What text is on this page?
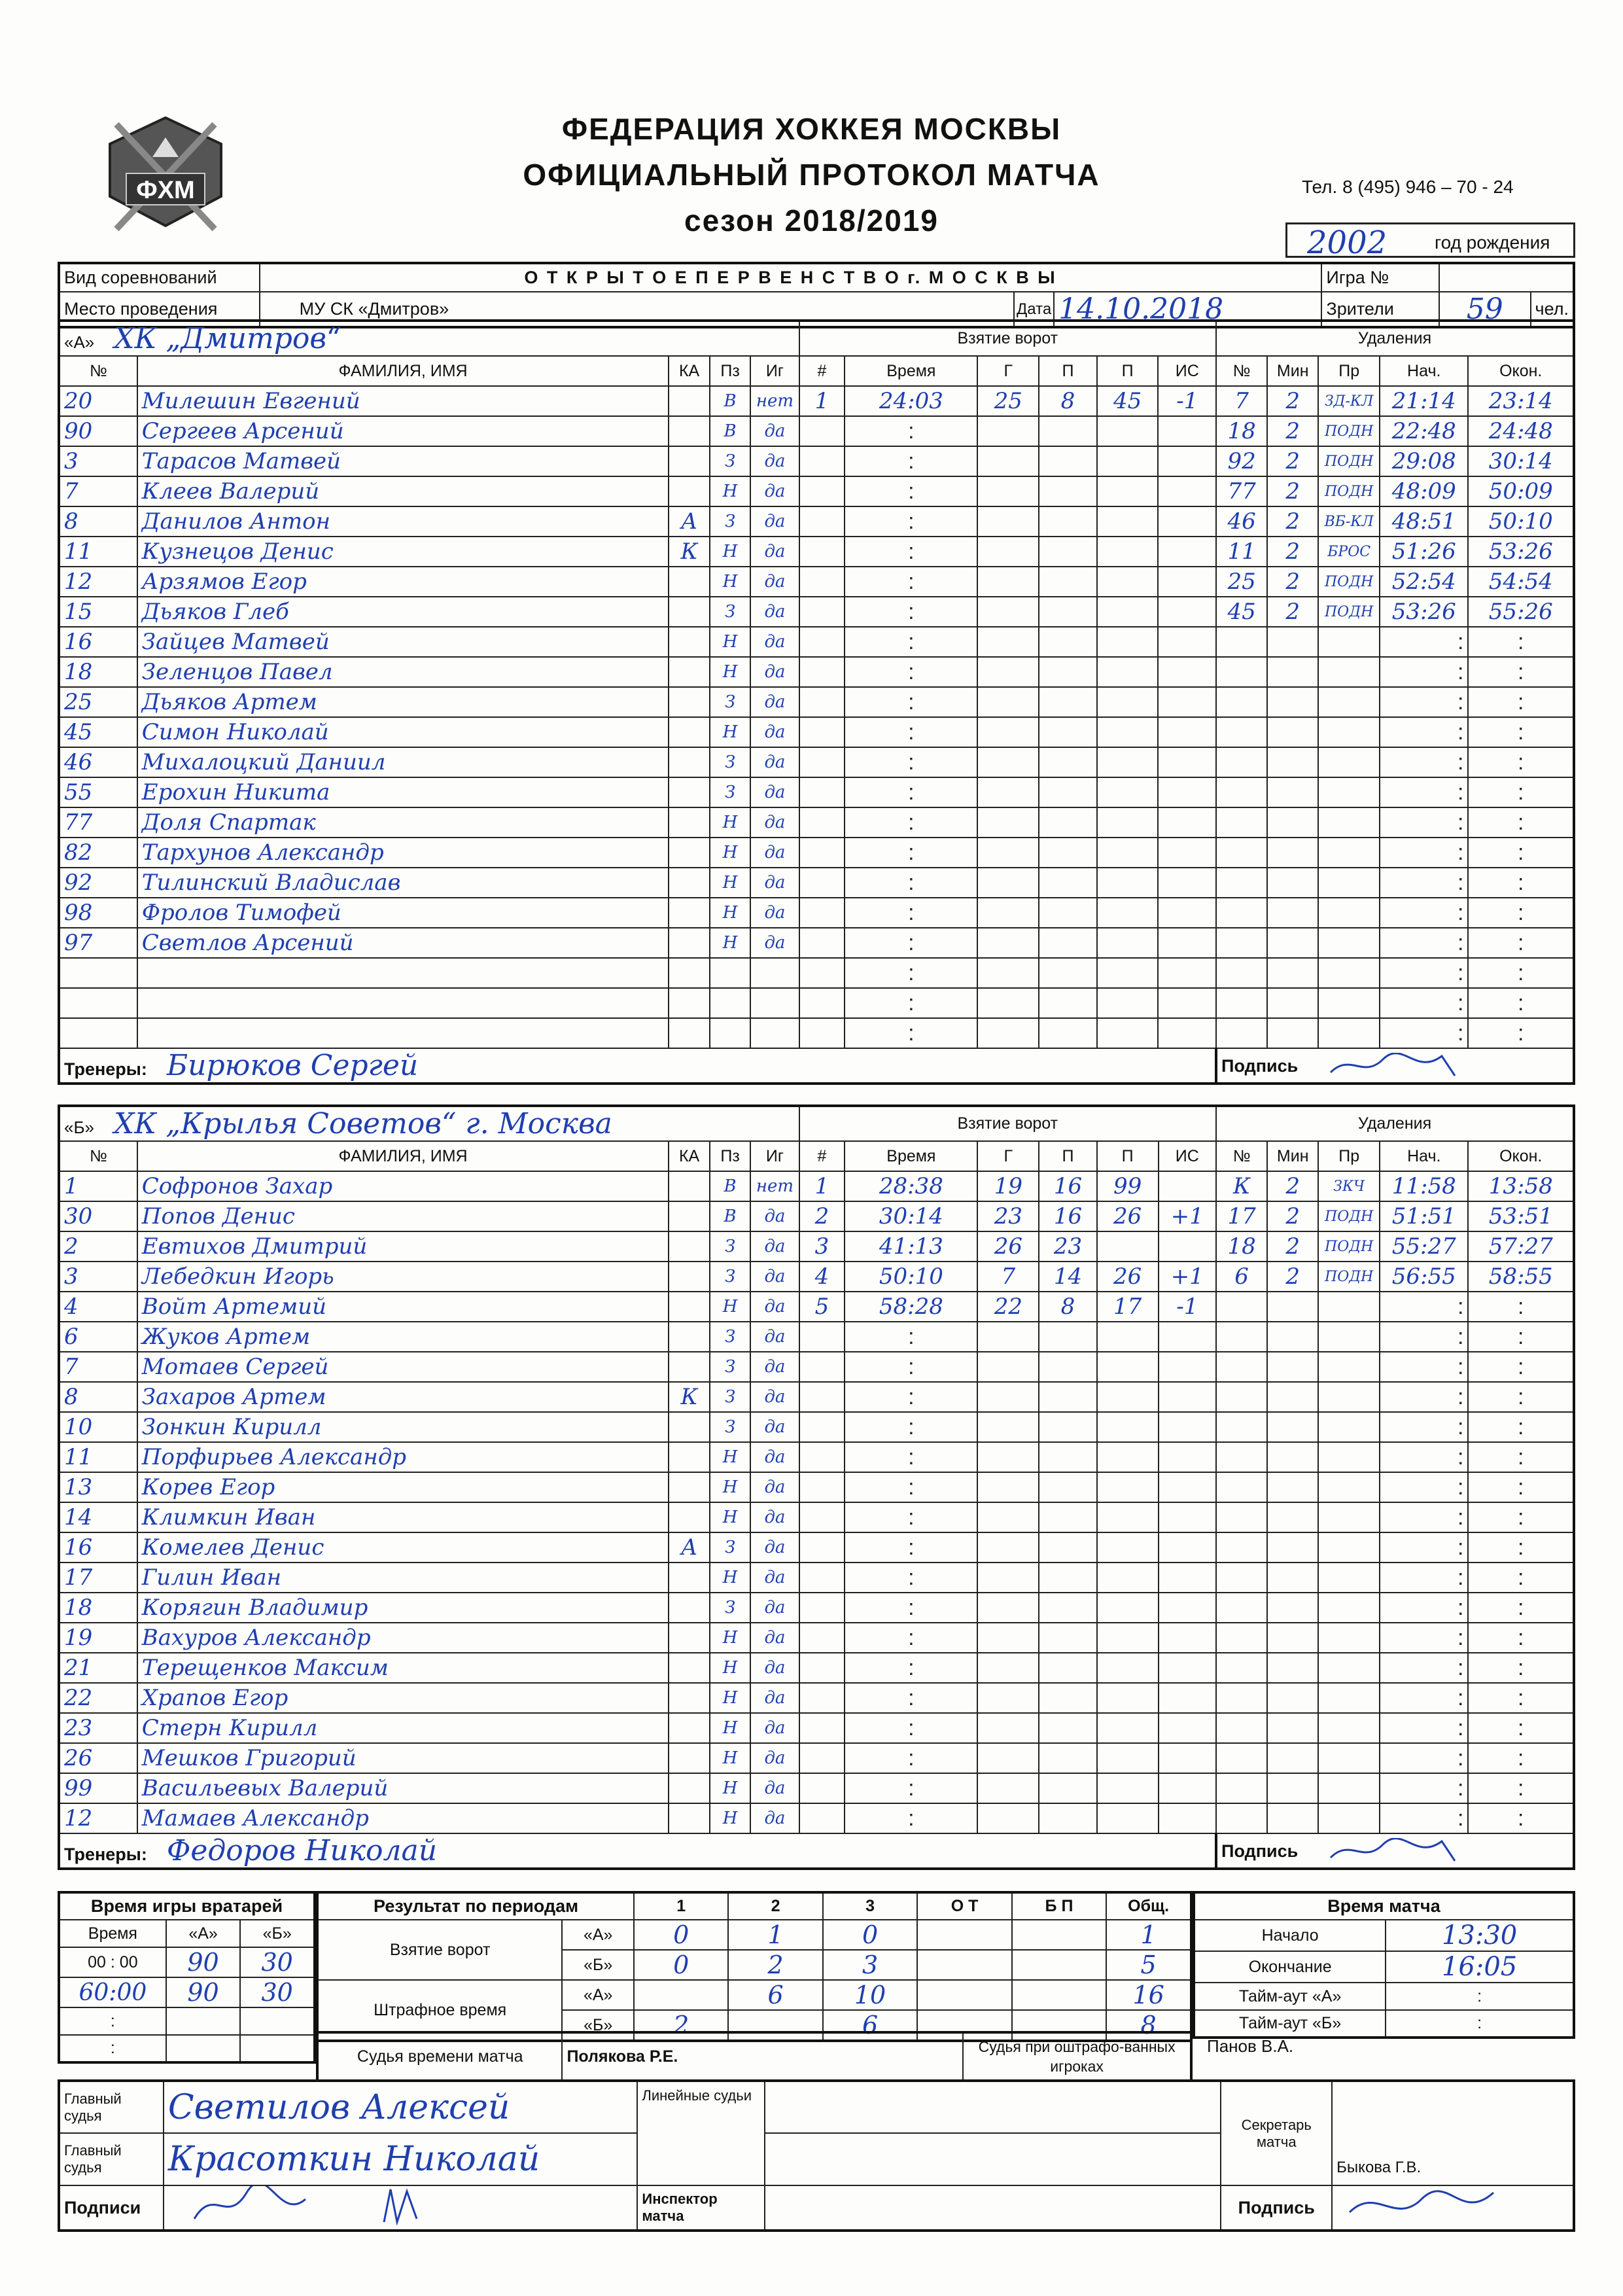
ФХМ
ФЕДЕРАЦИЯ ХОККЕЯ МОСКВЫ
ОФИЦИАЛЬНЫЙ ПРОТОКОЛ МАТЧА
сезон 2018/2019
Тел. 8 (495) 946 – 70 - 24
2002	год рождения
Вид соревнований	О Т К Р Ы Т О Е П Е Р В Е Н С Т В О г. М О С К В Ы			Игра №		
Место проведения	МУ СК «Дмитров»	Дата	14.10.2018	Зрители	59	чел.
«А» ХК „Дмитров“					Взятие ворот						Удаления				
№	ФАМИЛИЯ, ИМЯ	КА	Пз	Иг	#	Время	Г	П	П	ИС	№	Мин	Пр	Нач.	Окон.
20	Милешин Евгений		В	нет	1	24:03	25	8	45	-1	7	2	ЗД-КЛ	21:14	23:14
90	Сергеев Арсений		В	да		:					18	2	ПОДН	22:48	24:48
3	Тарасов Матвей		З	да		:					92	2	ПОДН	29:08	30:14
7	Клеев Валерий		Н	да		:					77	2	ПОДН	48:09	50:09
8	Данилов Антон	А	З	да		:					46	2	ВБ-КЛ	48:51	50:10
11	Кузнецов Денис	К	Н	да		:					11	2	БРОС	51:26	53:26
12	Арзямов Егор		Н	да		:					25	2	ПОДН	52:54	54:54
15	Дьяков Глеб		З	да		:					45	2	ПОДН	53:26	55:26
16	Зайцев Матвей		Н	да		:								:	:
18	Зеленцов Павел		Н	да		:								:	:
25	Дьяков Артем		З	да		:								:	:
45	Симон Николай		Н	да		:								:	:
46	Михалоцкий Даниил		З	да		:								:	:
55	Ерохин Никита		З	да		:								:	:
77	Доля Спартак		Н	да		:								:	:
82	Тархунов Александр		Н	да		:								:	:
92	Тилинский Владислав		Н	да		:								:	:
98	Фролов Тимофей		Н	да		:								:	:
97	Светлов Арсений		Н	да		:								:	:
						:								:	:
						:								:	:
						:								:	:
Тренеры: Бирюков Сергей											Подпись				
«Б» ХК „Крылья Советов“ г. Москва					Взятие ворот						Удаления				
№	ФАМИЛИЯ, ИМЯ	КА	Пз	Иг	#	Время	Г	П	П	ИС	№	Мин	Пр	Нач.	Окон.
1	Софронов Захар		В	нет	1	28:38	19	16	99		К	2	ЗКЧ	11:58	13:58
30	Попов Денис		В	да	2	30:14	23	16	26	+1	17	2	ПОДН	51:51	53:51
2	Евтихов Дмитрий		З	да	3	41:13	26	23			18	2	ПОДН	55:27	57:27
3	Лебедкин Игорь		З	да	4	50:10	7	14	26	+1	6	2	ПОДН	56:55	58:55
4	Войт Артемий		Н	да	5	58:28	22	8	17	-1				:	:
6	Жуков Артем		З	да		:								:	:
7	Мотаев Сергей		З	да		:								:	:
8	Захаров Артем	К	З	да		:								:	:
10	Зонкин Кирилл		З	да		:								:	:
11	Порфирьев Александр		Н	да		:								:	:
13	Корев Егор		Н	да		:								:	:
14	Климкин Иван		Н	да		:								:	:
16	Комелев Денис	А	З	да		:								:	:
17	Гилин Иван		Н	да		:								:	:
18	Корягин Владимир		З	да		:								:	:
19	Вахуров Александр		Н	да		:								:	:
21	Терещенков Максим		Н	да		:								:	:
22	Храпов Егор		Н	да		:								:	:
23	Стерн Кирилл		Н	да		:								:	:
26	Мешков Григорий		Н	да		:								:	:
99	Васильевых Валерий		Н	да		:								:	:
12	Мамаев Александр		Н	да		:								:	:
Тренеры: Федоров Николай											Подпись				
Время игры вратарей		
Время	«А»	«Б»
00 : 00	90	30
60:00	90	30
:		
:		
Результат по периодам		1	2	3	О Т	Б П	Общ.
Взятие ворот	«А»	0	1	0			1
	«Б»	0	2	3			5
Штрафное время	«А»		6	10			16
	«Б»	2		6			8
Время матча	
Начало	13:30
Окончание	16:05
Тайм-аут «А»	:
Тайм-аут «Б»	:
Судья времени матча	Полякова Р.Е.	Судья при оштрафо-ванных игроках
Панов В.А.
Главный судья	Светилов Алексей	Линейные судьи		Секретарь матча	Быкова Г.В.
Главный судья	Красоткин Николай				
Подписи		Инспектор матча		Подпись	
